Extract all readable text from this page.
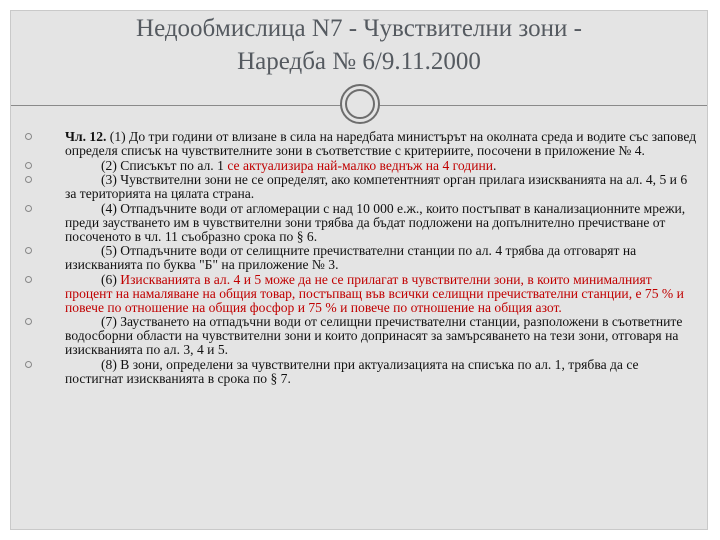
Недообмислица N7 - Чувствителни зони -
Наредба № 6/9.11.2000
Чл. 12. (1) До три години от влизане в сила на наредбата министърът на околната среда и водите със заповед определя списък на чувствителните зони в съответствие с критериите, посочени в приложение № 4.
(2) Списъкът по ал. 1 се актуализира най-малко веднъж на 4 години.
(3) Чувствителни зони не се определят, ако компетентният орган прилага изискванията на ал. 4, 5 и 6 за територията на цялата страна.
(4) Отпадъчните води от агломерации с над 10 000 е.ж., които постъпват в канализационните мрежи, преди заустването им в чувствителни зони трябва да бъдат подложени на допълнително пречистване от посоченото в чл. 11 съобразно срока по § 6.
(5) Отпадъчните води от селищните пречиствателни станции по ал. 4 трябва да отговарят на изискванията по буква "Б" на приложение № 3.
(6) Изискванията в ал. 4 и 5 може да не се прилагат в чувствителни зони, в които минималният процент на намаляване на общия товар, постъпващ във всички селищни пречиствателни станции, е 75 % и повече по отношение на общия фосфор и 75 % и повече по отношение на общия азот.
(7) Заустването на отпадъчни води от селищни пречиствателни станции, разположени в съответните водосборни области на чувствителни зони и които допринасят за замърсяването на тези зони, отговаря на изискванията по ал. 3, 4 и 5.
(8) В зони, определени за чувствителни при актуализацията на списъка по ал. 1, трябва да се постигнат изискванията в срока по § 7.
